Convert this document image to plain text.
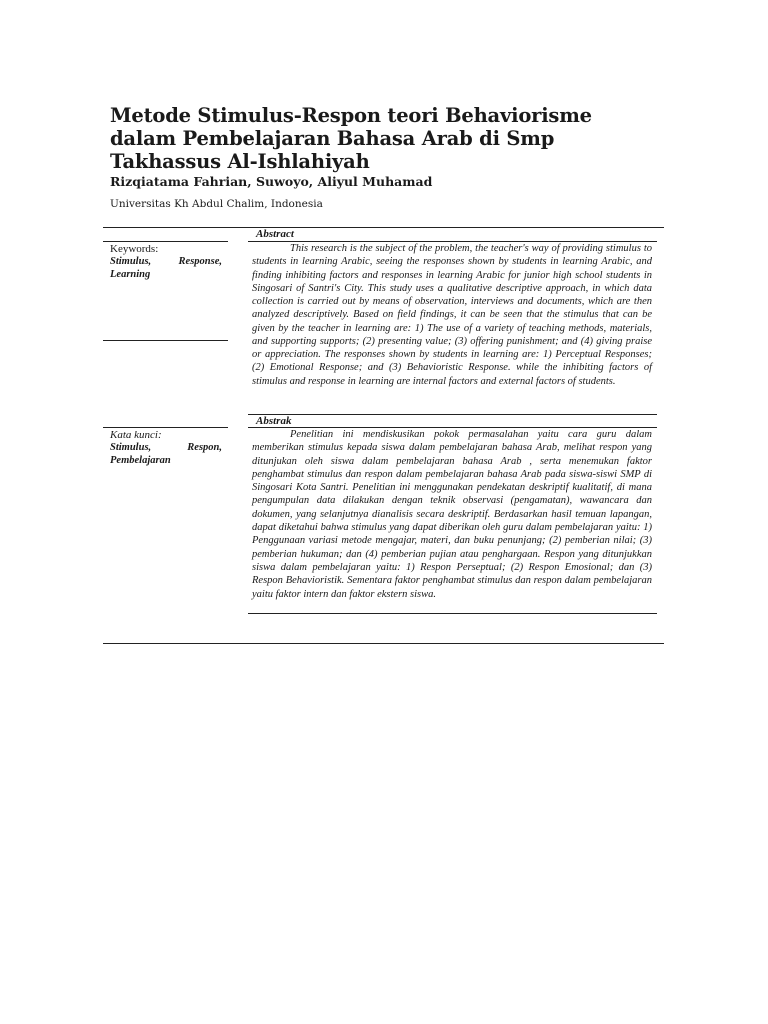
Metode Stimulus-Respon teori Behaviorisme dalam Pembelajaran Bahasa Arab di Smp Takhassus Al-Ishlahiyah
Rizqiatama Fahrian, Suwoyo, Aliyul Muhamad
Universitas Kh Abdul Chalim, Indonesia
Abstract
Keywords:
Stimulus, Response,
Learning

This research is the subject of the problem, the teacher's way of providing stimulus to students in learning Arabic, seeing the responses shown by students in learning Arabic, and finding inhibiting factors and responses in learning Arabic for junior high school students in Singosari of Santri's City. This study uses a qualitative descriptive approach, in which data collection is carried out by means of observation, interviews and documents, which are then analyzed descriptively. Based on field findings, it can be seen that the stimulus that can be given by the teacher in learning are: 1) The use of a variety of teaching methods, materials, and supporting supports; (2) presenting value; (3) offering punishment; and (4) giving praise or appreciation. The responses shown by students in learning are: 1) Perceptual Responses; (2) Emotional Response; and (3) Behavioristic Response. while the inhibiting factors of stimulus and response in learning are internal factors and external factors of students.

Abstrak
Kata kunci:
Stimulus, Respon,
Pembelajaran

Penelitian ini mendiskusikan pokok permasalahan yaitu cara guru dalam memberikan stimulus kepada siswa dalam pembelajaran bahasa Arab, melihat respon yang ditunjukan oleh siswa dalam pembelajaran bahasa Arab , serta menemukan faktor penghambat stimulus dan respon dalam pembelajaran bahasa Arab pada siswa-siswi SMP di Singosari Kota Santri. Penelitian ini menggunakan pendekatan deskriptif kualitatif, di mana pengumpulan data dilakukan dengan teknik observasi (pengamatan), wawancara dan dokumen, yang selanjutnya dianalisis secara deskriptif. Berdasarkan hasil temuan lapangan, dapat diketahui bahwa stimulus yang dapat diberikan oleh guru dalam pembelajaran yaitu: 1) Penggunaan variasi metode mengajar, materi, dan buku penunjang; (2) pemberian nilai; (3) pemberian hukuman; dan (4) pemberian pujian atau penghargaan. Respon yang ditunjukkan siswa dalam pembelajaran yaitu: 1) Respon Perseptual; (2) Respon Emosional; dan (3) Respon Behavioristik. Sementara faktor penghambat stimulus dan respon dalam pembelajaran yaitu faktor intern dan faktor ekstern siswa.
